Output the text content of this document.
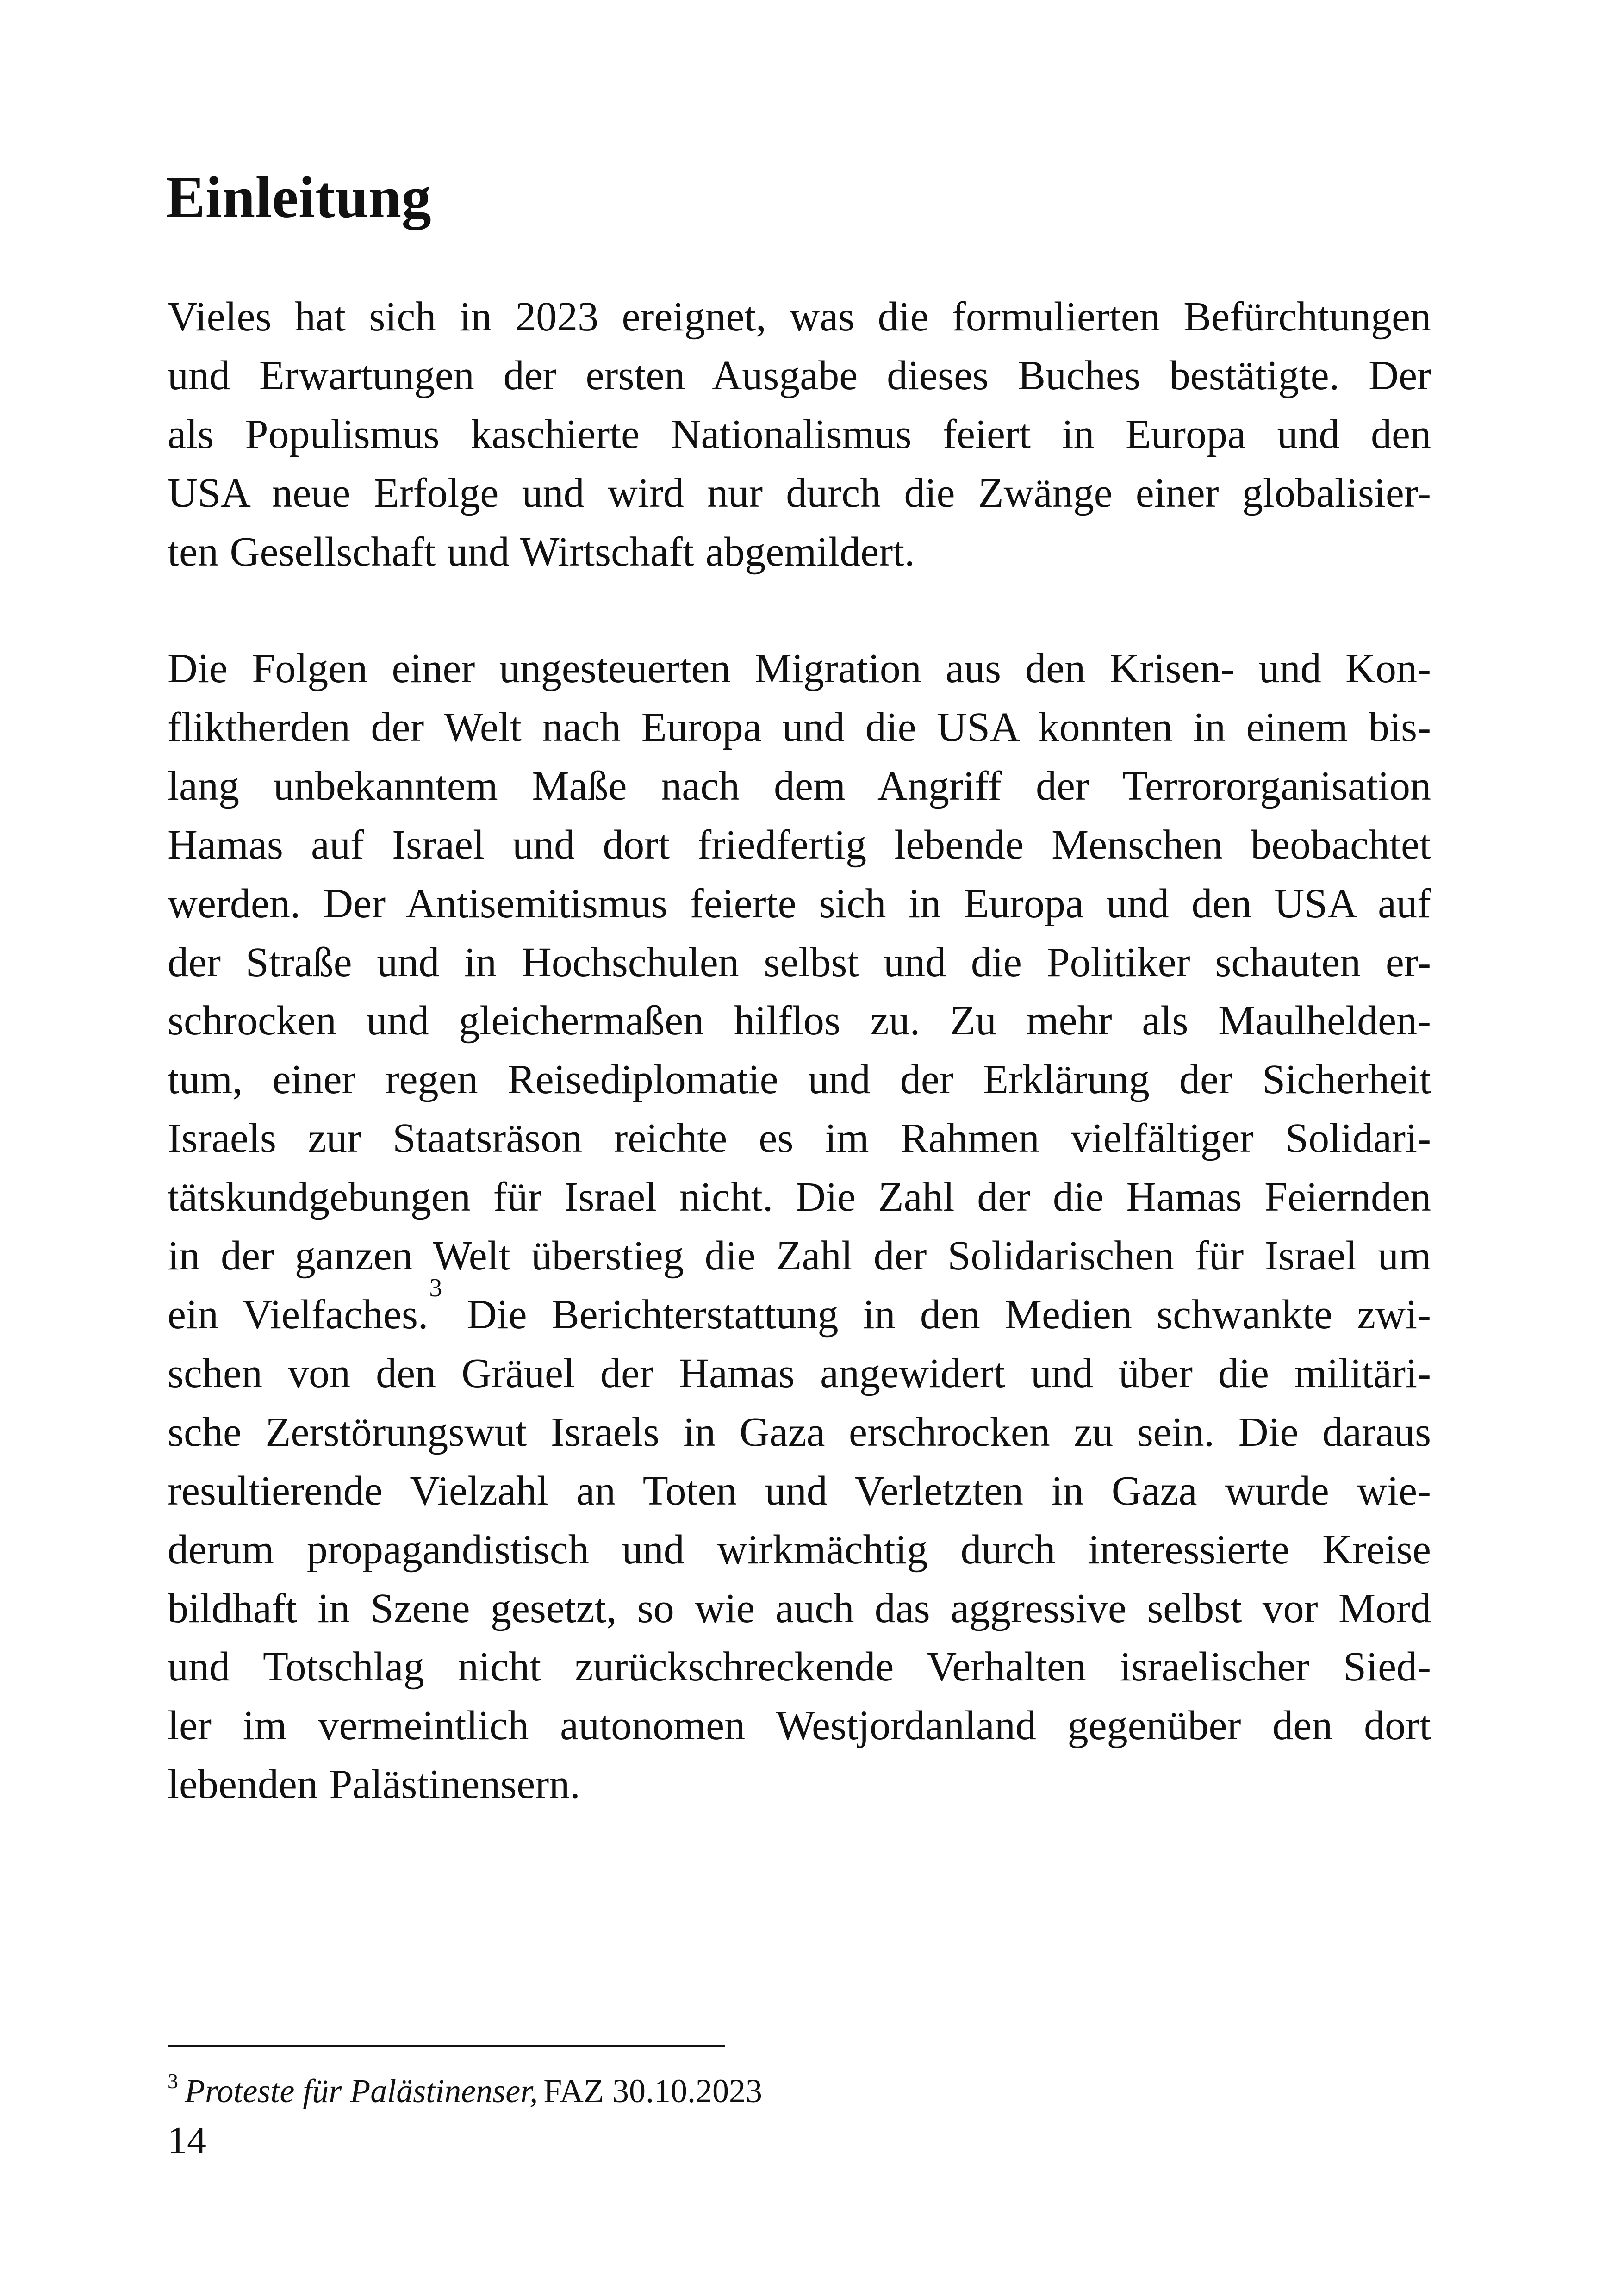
Einleitung

Vieles hat sich in 2023 ereignet, was die formulierten Befürchtungen
und Erwartungen der ersten Ausgabe dieses Buches bestätigte. Der
als Populismus kaschierte Nationalismus feiert in Europa und den
USA neue Erfolge und wird nur durch die Zwänge einer globalisier-
ten Gesellschaft und Wirtschaft abgemildert.

Die Folgen einer ungesteuerten Migration aus den Krisen- und Kon-
fliktherden der Welt nach Europa und die USA konnten in einem bis-
lang unbekanntem Maße nach dem Angriff der Terrororganisation
Hamas auf Israel und dort friedfertig lebende Menschen beobachtet
werden. Der Antisemitismus feierte sich in Europa und den USA auf
der Straße und in Hochschulen selbst und die Politiker schauten er-
schrocken und gleichermaßen hilflos zu. Zu mehr als Maulhelden-
tum, einer regen Reisediplomatie und der Erklärung der Sicherheit
Israels zur Staatsräson reichte es im Rahmen vielfältiger Solidari-
tätskundgebungen für Israel nicht. Die Zahl der die Hamas Feiernden
in der ganzen Welt überstieg die Zahl der Solidarischen für Israel um
ein Vielfaches.$^3$ Die Berichterstattung in den Medien schwankte zwi-
schen von den Gräuel der Hamas angewidert und über die militäri-
sche Zerstörungswut Israels in Gaza erschrocken zu sein. Die daraus
resultierende Vielzahl an Toten und Verletzten in Gaza wurde wie-
derum propagandistisch und wirkmächtig durch interessierte Kreise
bildhaft in Szene gesetzt, so wie auch das aggressive selbst vor Mord
und Totschlag nicht zurückschreckende Verhalten israelischer Sied-
ler im vermeintlich autonomen Westjordanland gegenüber den dort
lebenden Palästinensern.

$^3$ Proteste für Palästinenser, FAZ 30.10.2023

14
